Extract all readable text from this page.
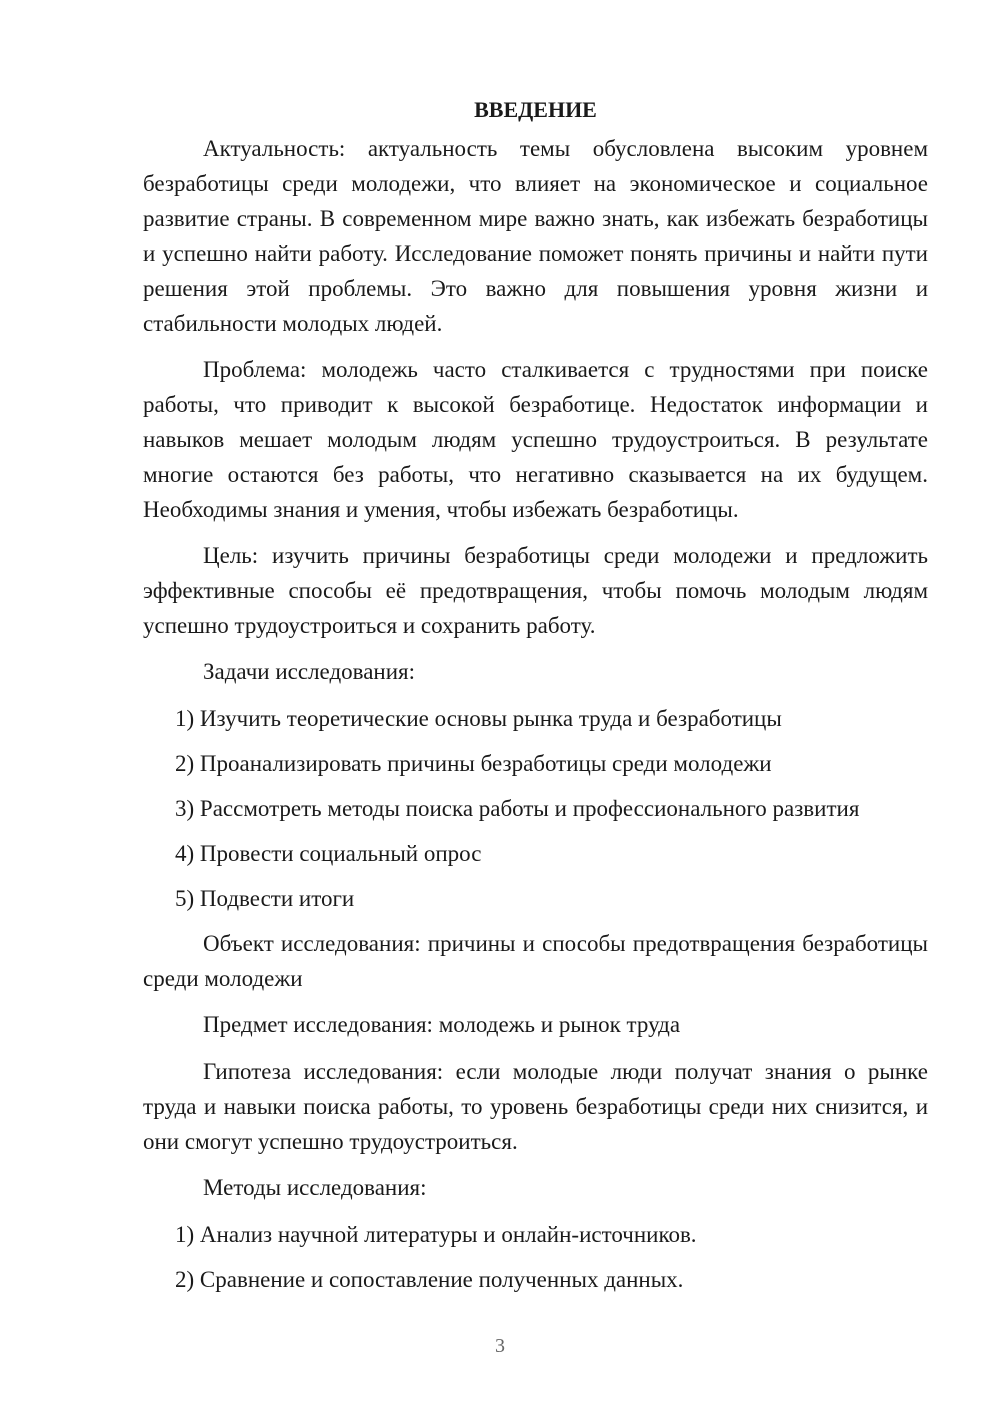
ВВЕДЕНИЕ

Актуальность: актуальность темы обусловлена высоким уровнем безработицы среди молодежи, что влияет на экономическое и социальное развитие страны. В современном мире важно знать, как избежать безработицы и успешно найти работу. Исследование поможет понять причины и найти пути решения этой проблемы. Это важно для повышения уровня жизни и стабильности молодых людей.

Проблема: молодежь часто сталкивается с трудностями при поиске работы, что приводит к высокой безработице. Недостаток информации и навыков мешает молодым людям успешно трудоустроиться. В результате многие остаются без работы, что негативно сказывается на их будущем. Необходимы знания и умения, чтобы избежать безработицы.

Цель: изучить причины безработицы среди молодежи и предложить эффективные способы её предотвращения, чтобы помочь молодым людям успешно трудоустроиться и сохранить работу.

Задачи исследования:

1) Изучить теоретические основы рынка труда и безработицы
2) Проанализировать причины безработицы среди молодежи
3) Рассмотреть методы поиска работы и профессионального развития
4) Провести социальный опрос
5) Подвести итоги

Объект исследования: причины и способы предотвращения безработицы среди молодежи

Предмет исследования: молодежь и рынок труда

Гипотеза исследования: если молодые люди получат знания о рынке труда и навыки поиска работы, то уровень безработицы среди них снизится, и они смогут успешно трудоустроиться.

Методы исследования:

1) Анализ научной литературы и онлайн-источников.
2) Сравнение и сопоставление полученных данных.
3
